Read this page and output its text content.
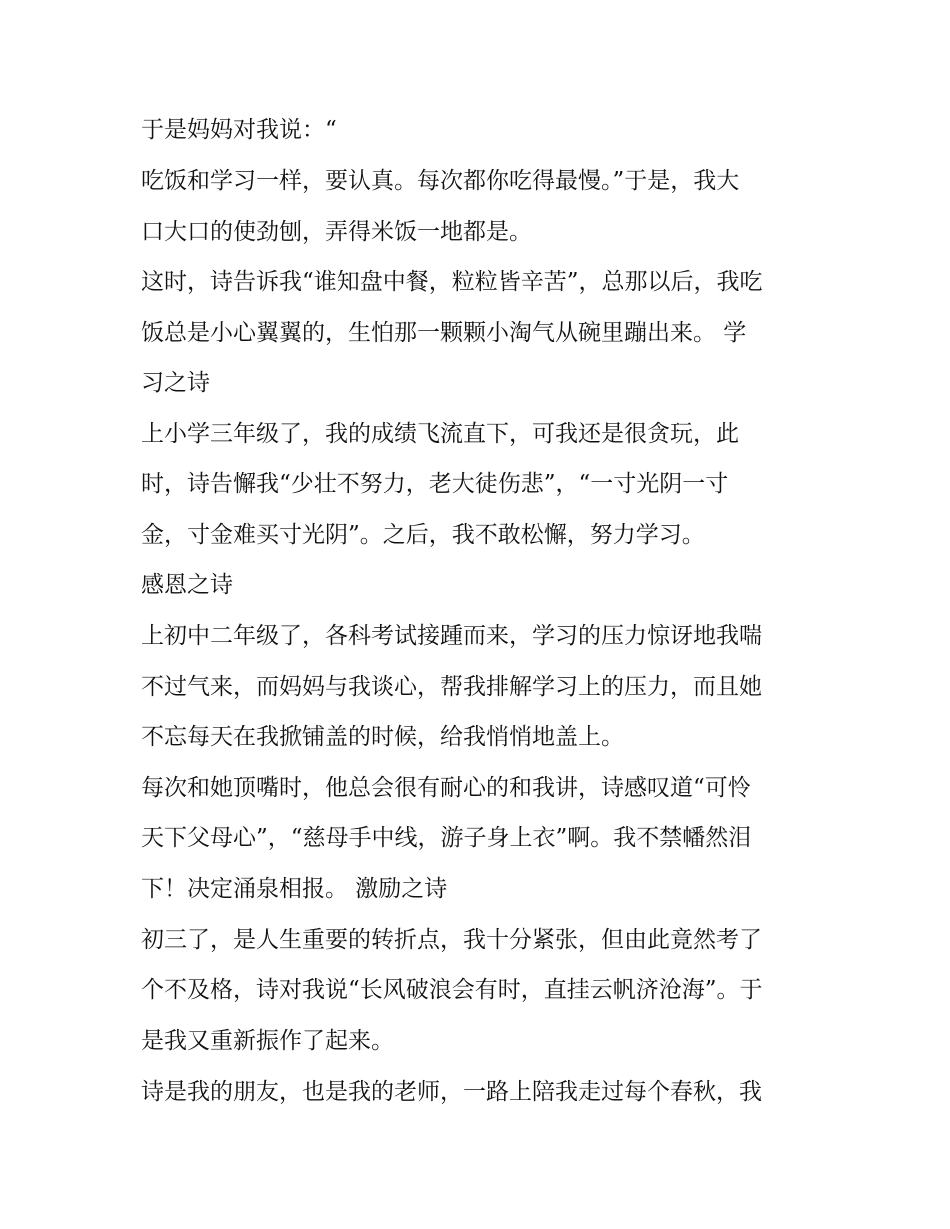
于是妈妈对我说：“
吃饭和学习一样，要认真。每次都你吃得最慢。”于是，我大
口大口的使劲刨，弄得米饭一地都是。
这时，诗告诉我“谁知盘中餐，粒粒皆辛苦”，总那以后，我吃
饭总是小心翼翼的，生怕那一颗颗小淘气从碗里蹦出来。 学
习之诗
上小学三年级了，我的成绩飞流直下，可我还是很贪玩，此
时，诗告懈我“少壮不努力，老大徒伤悲”，“一寸光阴一寸
金，寸金难买寸光阴”。之后，我不敢松懈，努力学习。
感恩之诗
上初中二年级了，各科考试接踵而来，学习的压力惊讶地我喘
不过气来，而妈妈与我谈心，帮我排解学习上的压力，而且她
不忘每天在我掀铺盖的时候，给我悄悄地盖上。
每次和她顶嘴时，他总会很有耐心的和我讲，诗感叹道“可怜
天下父母心”，“慈母手中线，游子身上衣”啊。我不禁幡然泪
下！决定涌泉相报。 激励之诗
初三了，是人生重要的转折点，我十分紧张，但由此竟然考了
个不及格，诗对我说“长风破浪会有时，直挂云帆济沧海”。于
是我又重新振作了起来。
诗是我的朋友，也是我的老师，一路上陪我走过每个春秋，我
